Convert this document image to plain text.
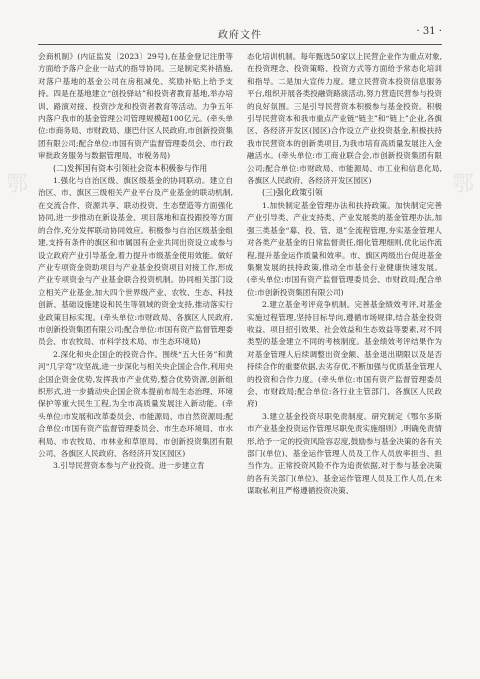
政府文件	· 31 ·

会商机制》(内证监发〔2023〕29号),在基金登记注册等方面给予落户企业一站式的指导协同。三是制定奖补措施,对落户基地的基金公司在房租减免、奖励补贴上给予支持。四是在基地建立“创投驿站”和投资者教育基地,举办培训、路演对接、投资沙龙和投资者教育等活动。力争五年内落户我市的基金管理公司管理规模超100亿元。(牵头单位:市商务局、市财政局、康巴什区人民政府,市创新投资集团有限公司;配合单位:市国有资产监督管理委员会、市行政审批政务服务与数据管理局、市税务局)

(二)发挥国有资本引领社会资本积极参与作用

1.强化与自治区级、旗区级基金的协同联动。建立自治区、市、旗区三级相关产业平台及产业基金的联动机制,在交流合作、资源共享、联动投资、生态塑造等方面强化协同,进一步推动在新设基金、项目落地和直投跟投等方面的合作,充分发挥联动协同效应。积极参与自治区级基金组建,支持有条件的旗区和市属国有企业共同出资设立或参与设立政府产业引导基金,着力提升市级基金使用效能。做好产业专项资金资助项目与产业基金投资项目对接工作,形成产业专项资金与产业基金联合投资机制。协同相关部门设立相关产业基金,加大四个世界级产业、农牧、生态、科技创新、基础设施建设和民生等领域的资金支持,推动落实行业政策目标实现。(牵头单位:市财政局、各旗区人民政府,市创新投资集团有限公司;配合单位:市国有资产监督管理委员会、市农牧局、市科学技术局、市生态环境局)

2.深化和央企国企的投资合作。围绕“五大任务”和黄河“几字弯”攻坚战,进一步深化与相关央企国企合作,利用央企国企资金优势,发挥我市产业优势,整合优势资源,创新组织形式,进一步撬动央企国企资本提前布局生态治理、环境保护等重大民生工程,为全市高质量发展注入新动能。(牵头单位:市发展和改革委员会、市能源局、市自然资源局;配合单位:市国有资产监督管理委员会、市生态环境局、市水利局、市农牧局、市林业和草原局、市创新投资集团有限公司、各旗区人民政府、各经济开发区园区)

3.引导民营资本参与产业投资。进一步建立肯

态化培训机制。每年甄选50家以上民营企业作为重点对象,在投资理念、投资策略、投资方式等方面给予常态化培训和指导。二是加大宣传力度。建立民营资本投资信息服务平台,组织开展各类投融资路演活动,努力营造民营参与投资的良好氛围。三是引导民营资本积极参与基金投资。积极引导民营资本和我市重点产业链“链主”和“链上”企业,各旗区、各经济开发区(园区)合作设立产业投资基金,积极扶持我市民营资本的创新类项目,为我市培育高质量发展注入金融活水。(牵头单位:市工商业联合会,市创新投资集团有限公司;配合单位:市财政局、市能源局、市工业和信息化局,各旗区人民政府、各经济开发区园区)

(三)强化政策引领

1.加快制定基金管理办法和扶持政策。加快制定完善产业引导类、产业支持类、产业发展类的基金管理办法,加强三类基金“募、投、管、退”全流程管理,夯实基金管理人对各类产业基金的日常监督责任,细化管理细则,优化运作流程,提升基金运作质量和效率。市、旗区两级出台促进基金集聚发展的扶持政策,推动全市基金行业健康快速发展。(牵头单位:市国有资产监督管理委员会、市财政局;配合单位:市创新投资集团有限公司)

2.建立基金考评竞争机制。完善基金绩效考评,对基金实施过程管理,坚持目标导向,遵循市场规律,结合基金投资收益、项目招引效果、社会效益和生态效益等要素,对不同类型的基金建立不同的考核制度。基金绩效考评结果作为对基金管理人后续调整出资金额、基金退出期限以及是否持续合作的重要依据,去劣存优,不断加强与优质基金管理人的投资和合作力度。(牵头单位:市国有资产监督管理委员会、市财政局;配合单位:各行业主管部门、各旗区人民政府)

3.建立基金投资尽职免责制度。研究制定《鄂尔多斯市产业基金投资运作管理尽职免责实施细则》,明确免责情形,给予一定的投资风险容忍度,鼓励参与基金决策的各有关部门(单位)、基金运作管理人员及工作人员放率担当、担当作为。正常投资风险不作为追责依据,对于参与基金决策的各有关部门(单位)、基金运作管理人员及工作人员,在未谋取私利且严格遵循投资决策、

鄂	鄂
